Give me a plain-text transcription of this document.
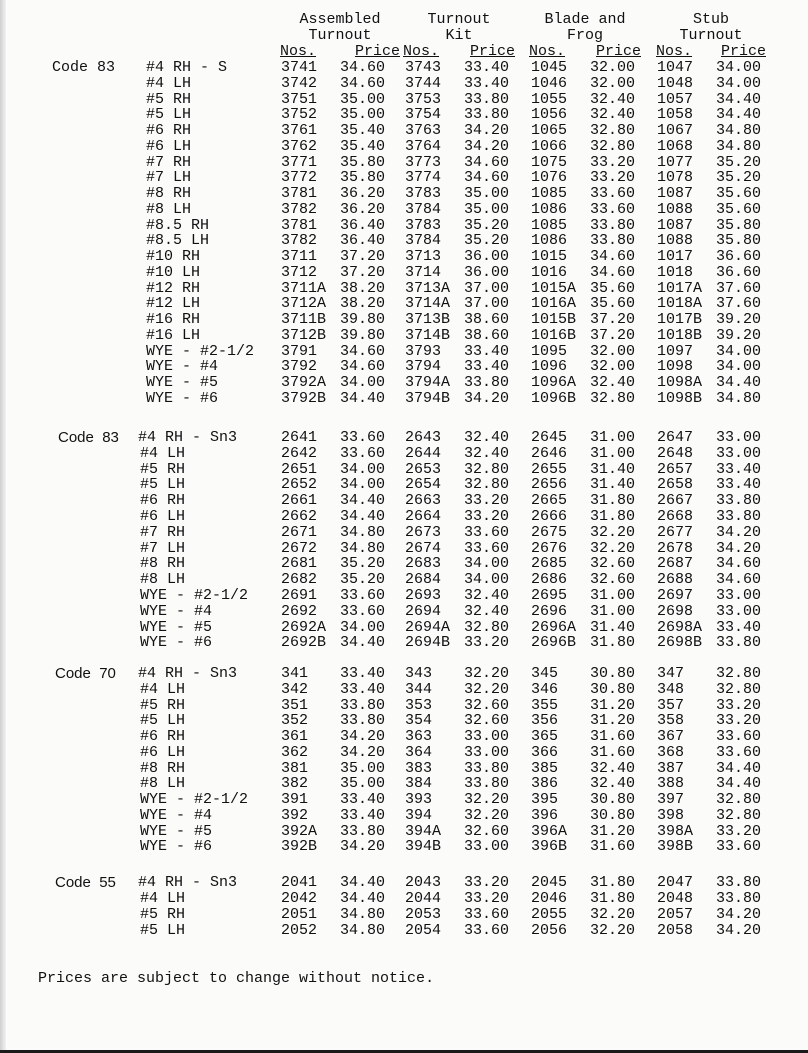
Assembled
Turnout
Nos.	Price
Turnout
Kit
Nos. Price
Blade and
Frog
Nos. Price
Stub
Turnout
Nos. Price
Code 83 #4 RH - S	3741 34.60 3743 33.40 1045 32.00 1047 34.00
#4 LH	3742 34.60 3744 33.40 1046 32.00 1048 34.00
#5 RH	3751 35.00 3753 33.80 1055 32.40 1057 34.40
#5 LH	3752 35.00 3754 33.80 1056 32.40 1058 34.40
#6 RH	3761 35.40 3763 34.20 1065 32.80 1067 34.80
#6 LH	3762 35.40 3764 34.20 1066 32.80 1068 34.80
#7 RH	3771 35.80 3773 34.60 1075 33.20 1077 35.20
#7 LH	3772 35.80 3774 34.60 1076 33.20 1078 35.20
#8 RH	3781 36.20 3783 35.00 1085 33.60 1087 35.60
#8 LH	3782 36.20 3784 35.00 1086 33.60 1088 35.60
#8.5 RH	3781 36.40 3783 35.20 1085 33.80 1087 35.80
#8.5 LH	3782 36.40 3784 35.20 1086 33.80 1088 35.80
#10 RH	3711 37.20 3713 36.00 1015 34.60 1017 36.60
#10 LH	3712 37.20 3714 36.00 1016 34.60 1018 36.60
#12 RH	3711A 38.20 3713A 37.00 1015A 35.60 1017A 37.60
#12 LH	3712A 38.20 3714A 37.00 1016A 35.60 1018A 37.60
#16 RH	3711B 39.80 3713B 38.60 1015B 37.20 1017B 39.20
#16 LH	3712B 39.80 3714B 38.60 1016B 37.20 1018B 39.20
WYE - #2-1/2 3791 34.60 3793 33.40 1095 32.00 1097 34.00
WYE - #4	3792 34.60 3794 33.40 1096 32.00 1098 34.00
WYE - #5	3792A 34.00 3794A 33.80 1096A 32.40 1098A 34.40
WYE - #6	3792B 34.40 3794B 34.20 1096B 32.80 1098B 34.80
Code  83 #4 RH - Sn3	2641 33.60 2643 32.40 2645 31.00 2647 33.00
#4 LH	2642 33.60 2644 32.40 2646 31.00 2648 33.00
#5 RH	2651 34.00 2653 32.80 2655 31.40 2657 33.40
#5 LH	2652 34.00 2654 32.80 2656 31.40 2658 33.40
#6 RH	2661 34.40 2663 33.20 2665 31.80 2667 33.80
#6 LH	2662 34.40 2664 33.20 2666 31.80 2668 33.80
#7 RH	2671 34.80 2673 33.60 2675 32.20 2677 34.20
#7 LH	2672 34.80 2674 33.60 2676 32.20 2678 34.20
#8 RH	2681 35.20 2683 34.00 2685 32.60 2687 34.60
#8 LH	2682 35.20 2684 34.00 2686 32.60 2688 34.60
WYE - #2-1/2 2691 33.60 2693 32.40 2695 31.00 2697 33.00
WYE - #4	2692 33.60 2694 32.40 2696 31.00 2698 33.00
WYE - #5	2692A 34.00 2694A 32.80 2696A 31.40 2698A 33.40
WYE - #6	2692B 34.40 2694B 33.20 2696B 31.80 2698B 33.80
Code  70 #4 RH - Sn3	341 33.40 343 32.20 345 30.80 347 32.80
#4 LH	342 33.40 344 32.20 346 30.80 348 32.80
#5 RH	351 33.80 353 32.60 355 31.20 357 33.20
#5 LH	352 33.80 354 32.60 356 31.20 358 33.20
#6 RH	361 34.20 363 33.00 365 31.60 367 33.60
#6 LH	362 34.20 364 33.00 366 31.60 368 33.60
#8 RH	381 35.00 383 33.80 385 32.40 387 34.40
#8 LH	382 35.00 384 33.80 386 32.40 388 34.40
WYE - #2-1/2 391 33.40 393 32.20 395 30.80 397 32.80
WYE - #4	392 33.40 394 32.20 396 30.80 398 32.80
WYE - #5	392A 33.80 394A 32.60 396A 31.20 398A 33.20
WYE - #6	392B 34.20 394B 33.00 396B 31.60 398B 33.60
Code  55 #4 RH - Sn3	2041 34.40 2043 33.20 2045 31.80 2047 33.80
#4 LH	2042 34.40 2044 33.20 2046 31.80 2048 33.80
#5 RH	2051 34.80 2053 33.60 2055 32.20 2057 34.20
#5 LH	2052 34.80 2054 33.60 2056 32.20 2058 34.20
Prices are subject to change without notice.
